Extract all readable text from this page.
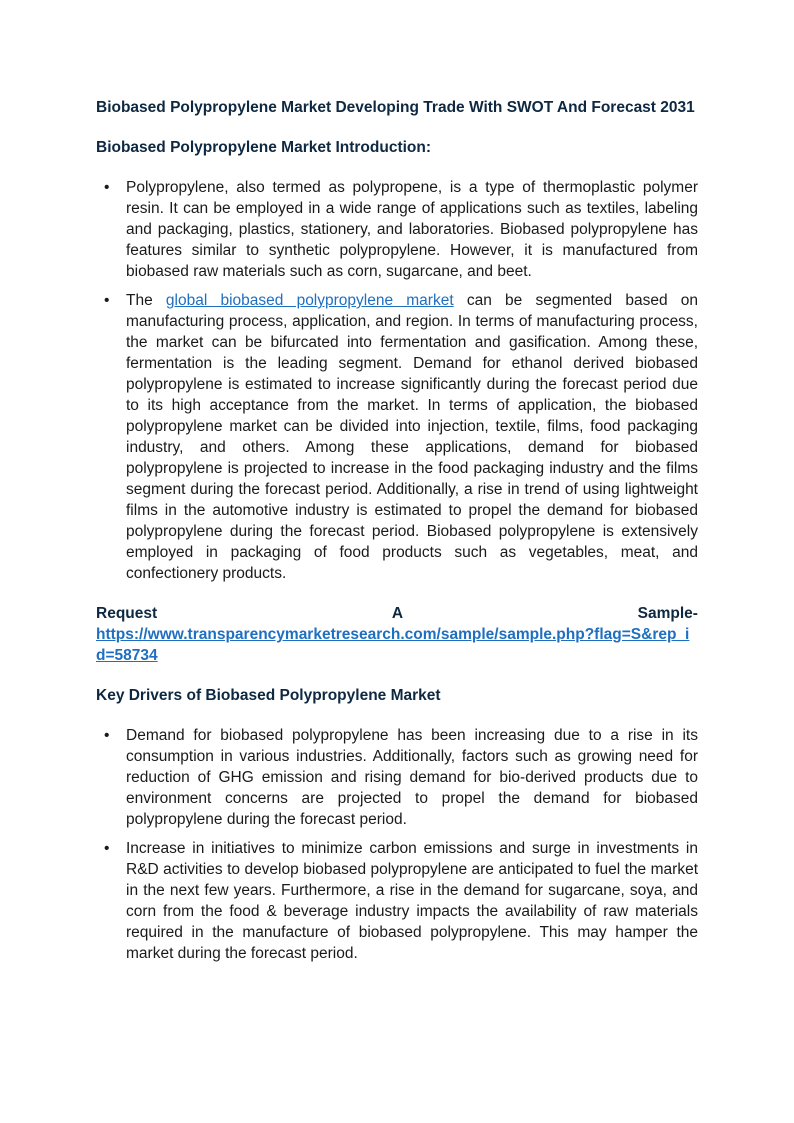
Biobased Polypropylene Market Developing Trade With SWOT And Forecast 2031
Biobased Polypropylene Market Introduction:
• Polypropylene, also termed as polypropene, is a type of thermoplastic polymer resin. It can be employed in a wide range of applications such as textiles, labeling and packaging, plastics, stationery, and laboratories. Biobased polypropylene has features similar to synthetic polypropylene. However, it is manufactured from biobased raw materials such as corn, sugarcane, and beet.
• The global biobased polypropylene market can be segmented based on manufacturing process, application, and region. In terms of manufacturing process, the market can be bifurcated into fermentation and gasification. Among these, fermentation is the leading segment. Demand for ethanol derived biobased polypropylene is estimated to increase significantly during the forecast period due to its high acceptance from the market. In terms of application, the biobased polypropylene market can be divided into injection, textile, films, food packaging industry, and others. Among these applications, demand for biobased polypropylene is projected to increase in the food packaging industry and the films segment during the forecast period. Additionally, a rise in trend of using lightweight films in the automotive industry is estimated to propel the demand for biobased polypropylene during the forecast period. Biobased polypropylene is extensively employed in packaging of food products such as vegetables, meat, and confectionery products.
Request	A	Sample-
https://www.transparencymarketresearch.com/sample/sample.php?flag=S&rep_id=58734
Key Drivers of Biobased Polypropylene Market
• Demand for biobased polypropylene has been increasing due to a rise in its consumption in various industries. Additionally, factors such as growing need for reduction of GHG emission and rising demand for bio-derived products due to environment concerns are projected to propel the demand for biobased polypropylene during the forecast period.
• Increase in initiatives to minimize carbon emissions and surge in investments in R&D activities to develop biobased polypropylene are anticipated to fuel the market in the next few years. Furthermore, a rise in the demand for sugarcane, soya, and corn from the food & beverage industry impacts the availability of raw materials required in the manufacture of biobased polypropylene. This may hamper the market during the forecast period.
